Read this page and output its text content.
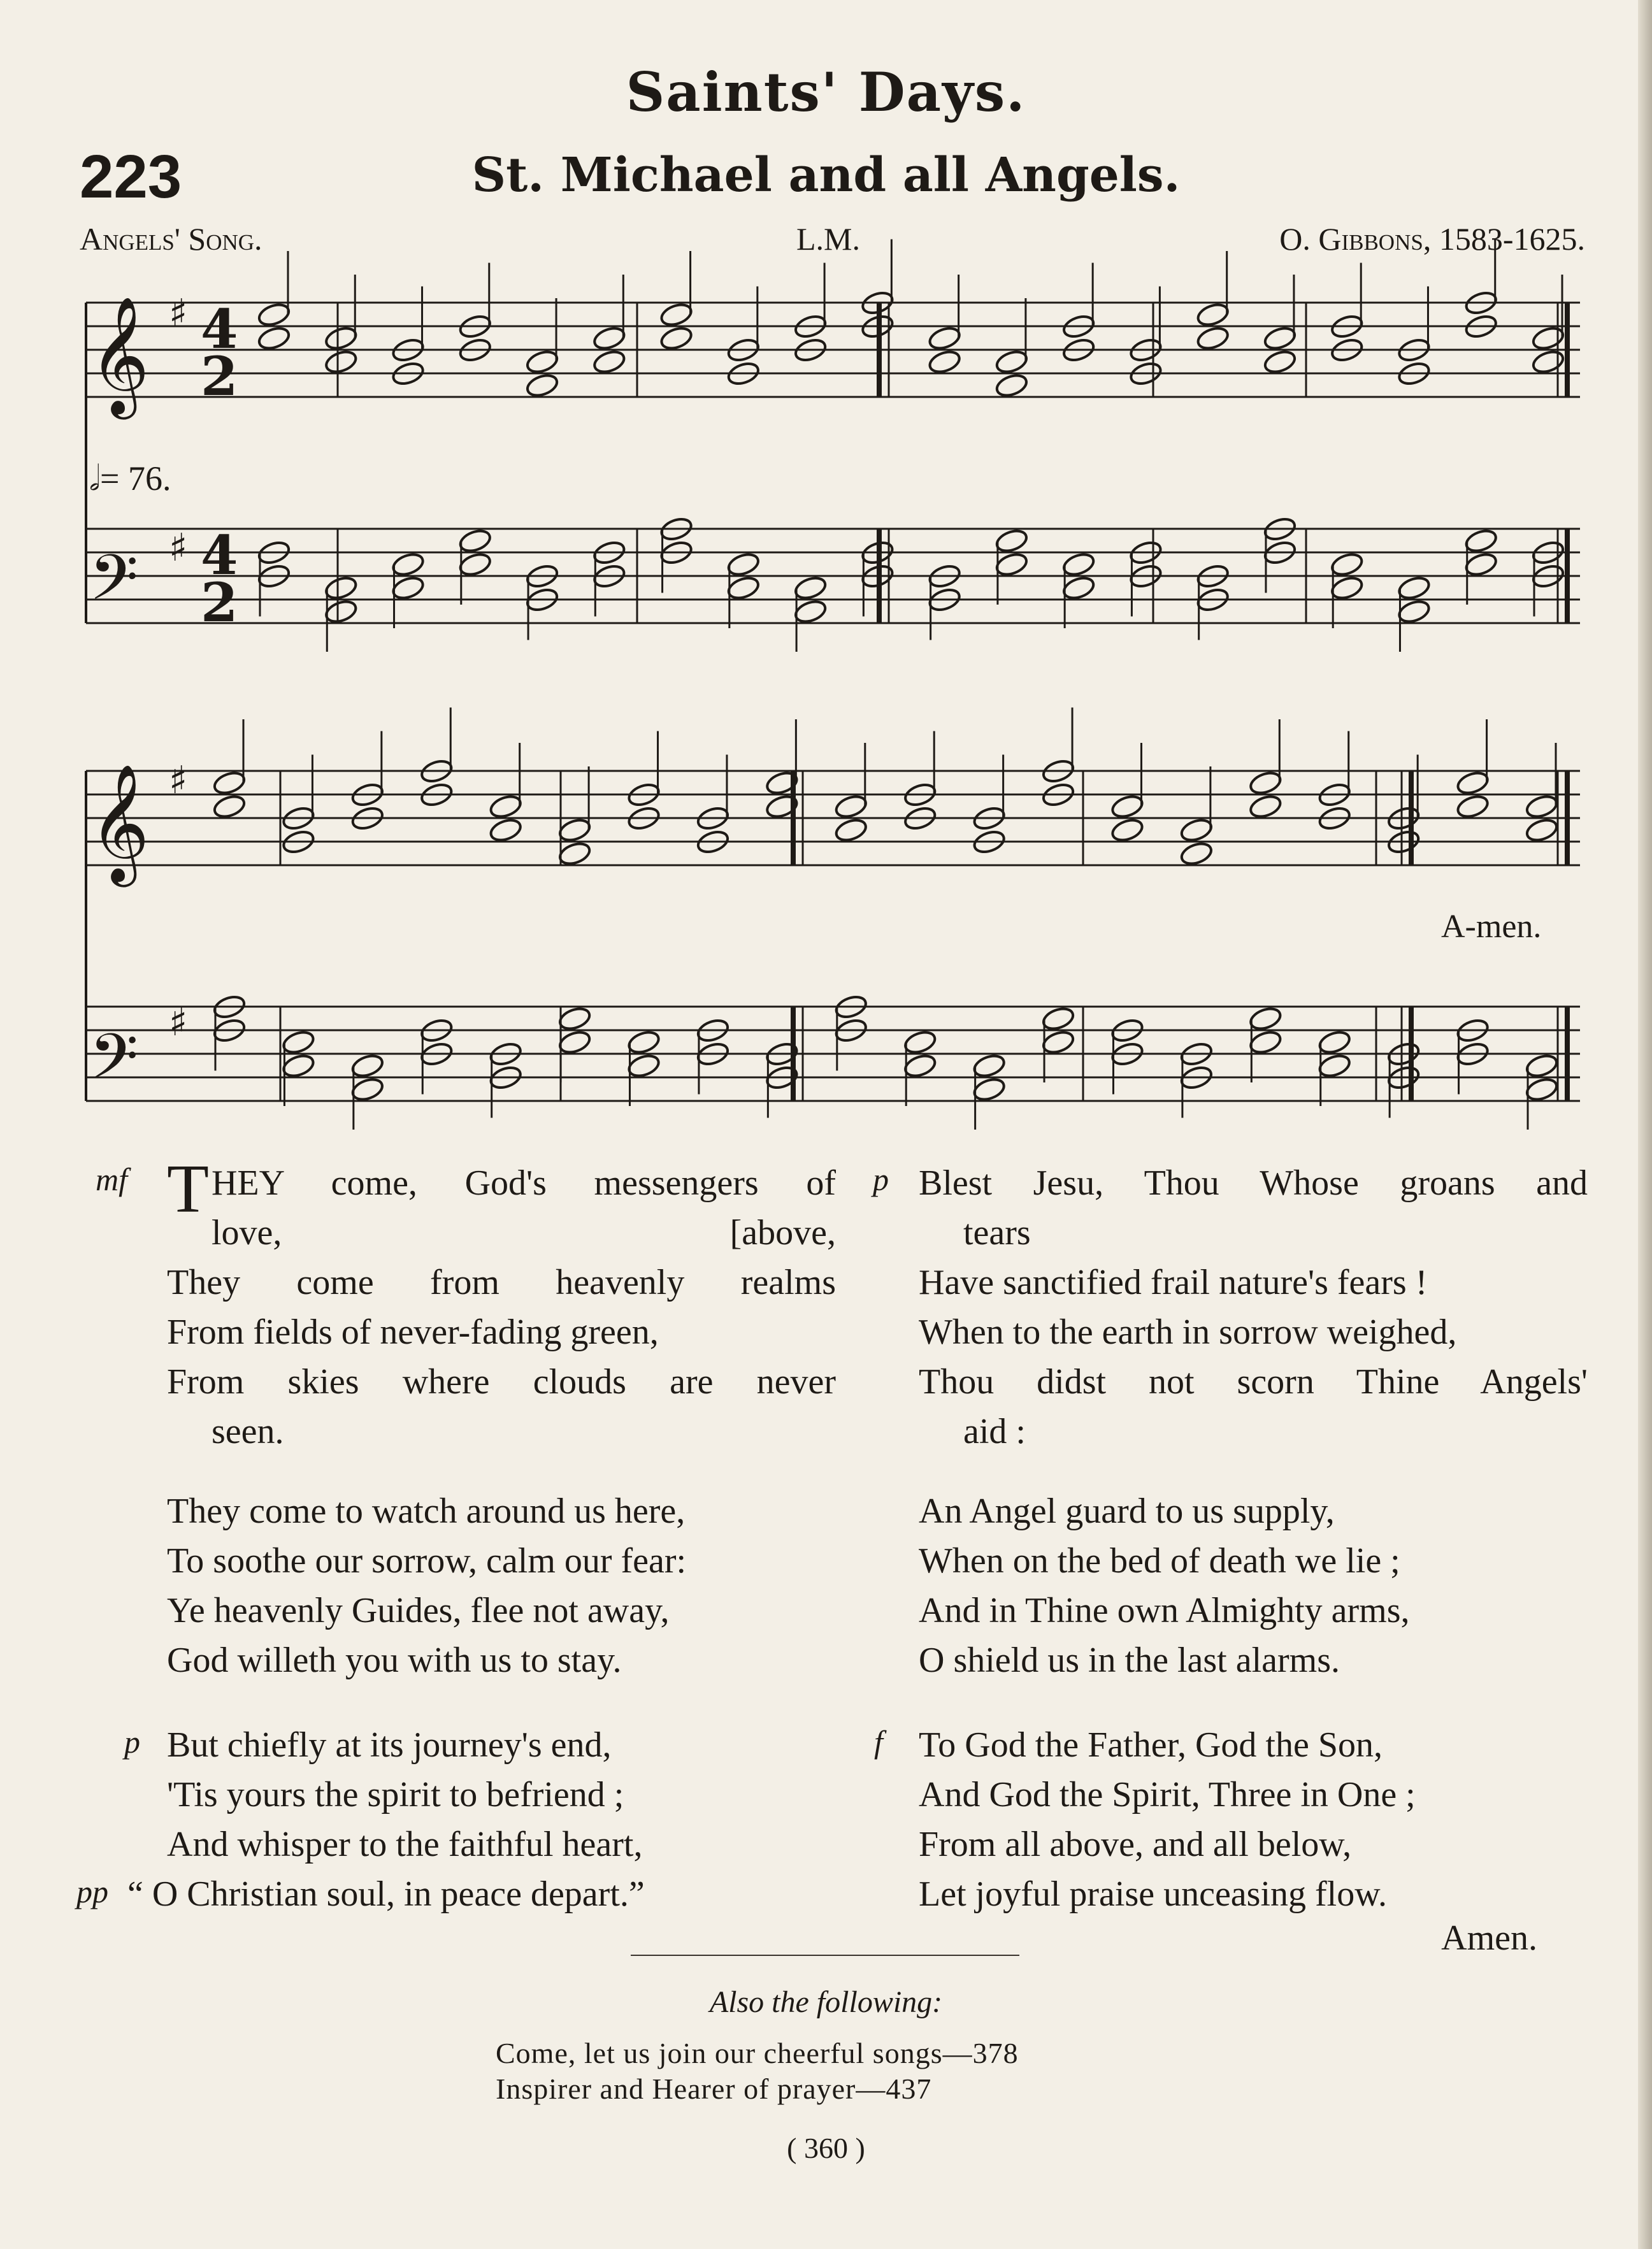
Saints' Days.
223	St. Michael and all Angels.
Angels' Song.	L.M.	O. Gibbons, 1583-1625.
𝄞
𝄢
𝄞
𝄢
♯
♯
♯
♯
4
2
4
2
𝅗𝅥= 76.
A-men.
mf T HEY come, God's messengers of
love,	[above,
They come from heavenly realms
From fields of never-fading green,
From skies where clouds are never
seen.
They come to watch around us here,
To soothe our sorrow, calm our fear:
Ye heavenly Guides, flee not away,
God willeth you with us to stay.
p
pp
But chiefly at its journey's end,
'Tis yours the spirit to befriend ;
And whisper to the faithful heart,
“ O Christian soul, in peace depart.”
p Blest Jesu, Thou Whose groans and
tears
Have sanctified frail nature's fears !
When to the earth in sorrow weighed,
Thou didst not scorn Thine Angels'
aid :
An Angel guard to us supply,
When on the bed of death we lie ;
And in Thine own Almighty arms,
O shield us in the last alarms.
f To God the Father, God the Son,
And God the Spirit, Three in One ;
From all above, and all below,
Let joyful praise unceasing flow.
Amen.
Also the following:
Come, let us join our cheerful songs—378
Inspirer and Hearer of prayer—437
( 360 )
